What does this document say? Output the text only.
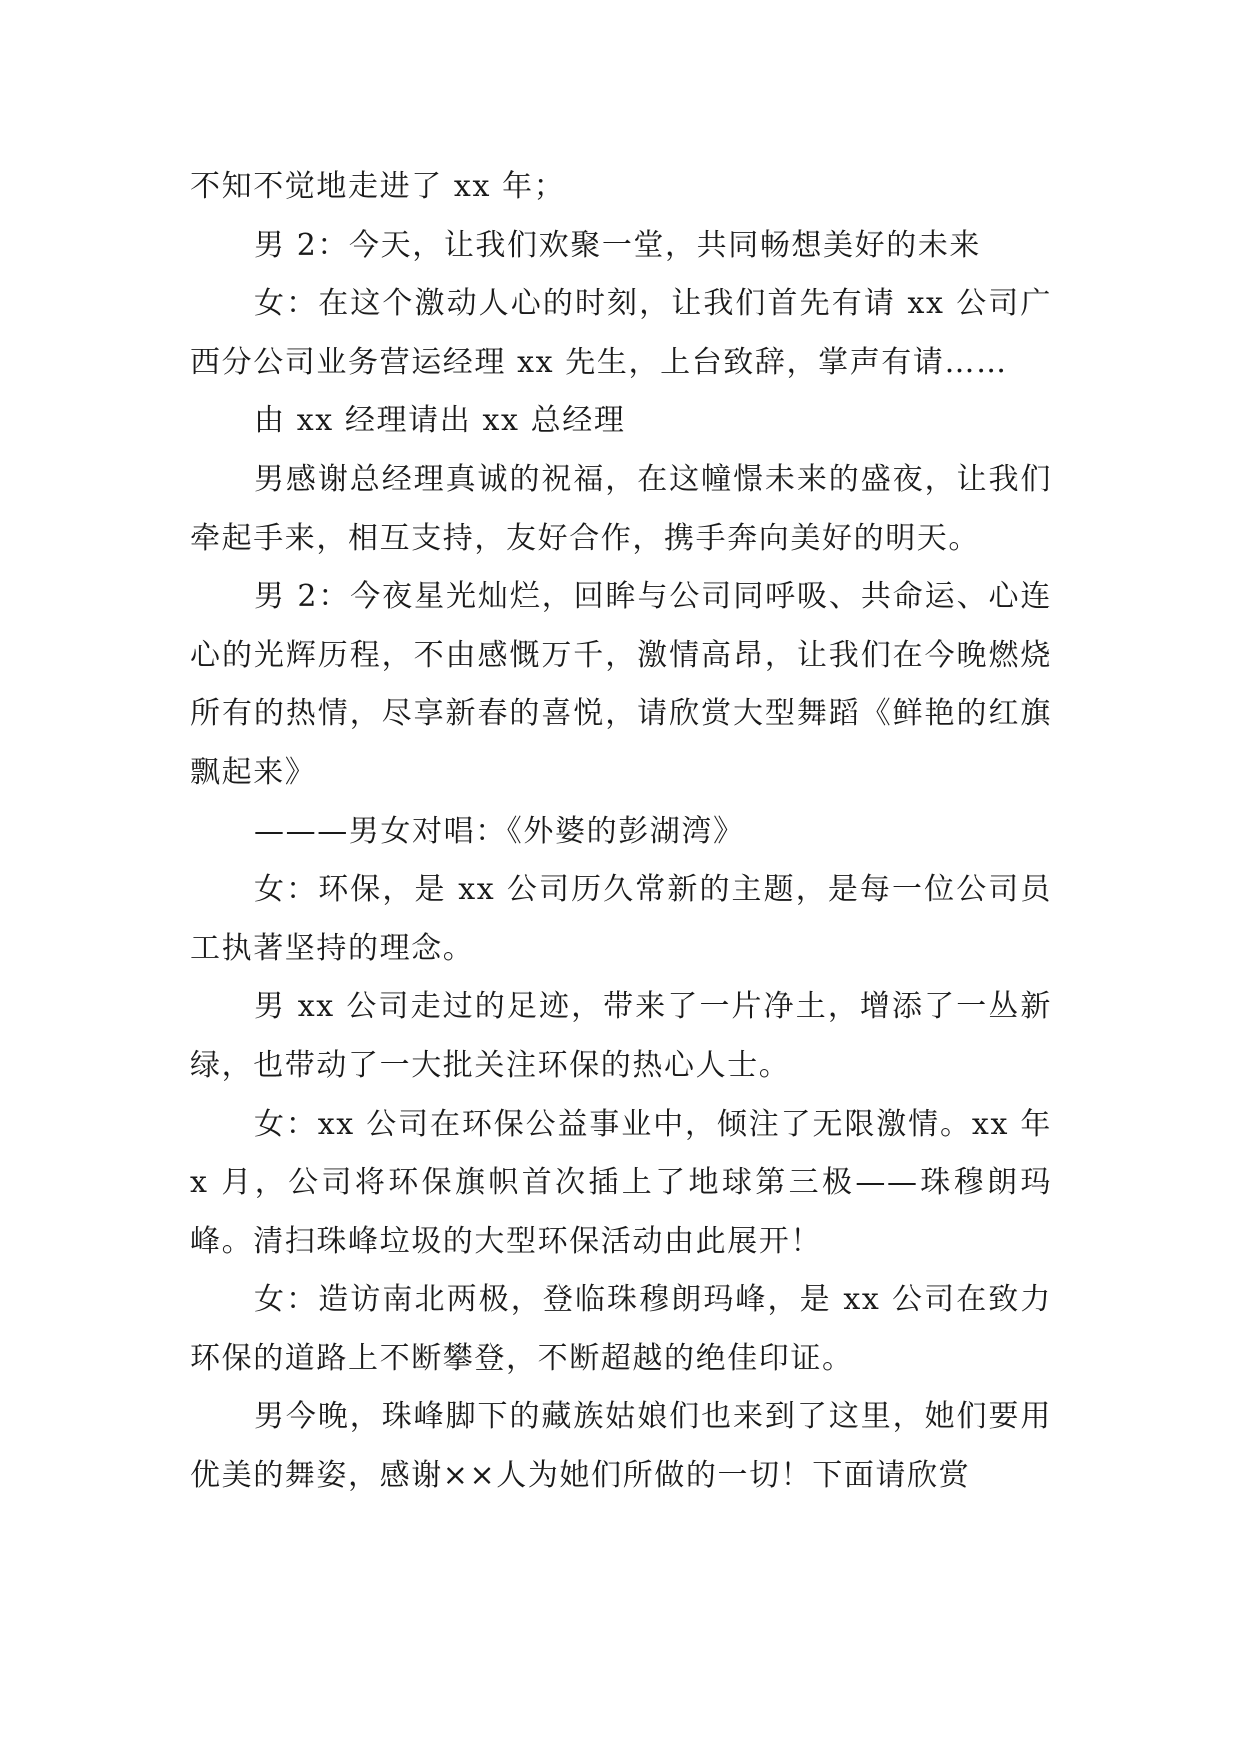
不知不觉地走进了 xx 年；

男 2：今天，让我们欢聚一堂，共同畅想美好的未来

女：在这个激动人心的时刻，让我们首先有请 xx 公司广西分公司业务营运经理 xx 先生，上台致辞，掌声有请……

由 xx 经理请出 xx 总经理

男感谢总经理真诚的祝福，在这幢憬未来的盛夜，让我们牵起手来，相互支持，友好合作，携手奔向美好的明天。

男 2：今夜星光灿烂，回眸与公司同呼吸、共命运、心连心的光辉历程，不由感慨万千，激情高昂，让我们在今晚燃烧所有的热情，尽享新春的喜悦，请欣赏大型舞蹈《鲜艳的红旗飘起来》

———男女对唱：《外婆的彭湖湾》

女：环保，是 xx 公司历久常新的主题，是每一位公司员工执著坚持的理念。

男 xx 公司走过的足迹，带来了一片净土，增添了一丛新绿，也带动了一大批关注环保的热心人士。

女：xx 公司在环保公益事业中，倾注了无限激情。xx 年 x 月，公司将环保旗帜首次插上了地球第三极——珠穆朗玛峰。清扫珠峰垃圾的大型环保活动由此展开！

女：造访南北两极，登临珠穆朗玛峰，是 xx 公司在致力环保的道路上不断攀登，不断超越的绝佳印证。

男今晚，珠峰脚下的藏族姑娘们也来到了这里，她们要用优美的舞姿，感谢××人为她们所做的一切！下面请欣赏
